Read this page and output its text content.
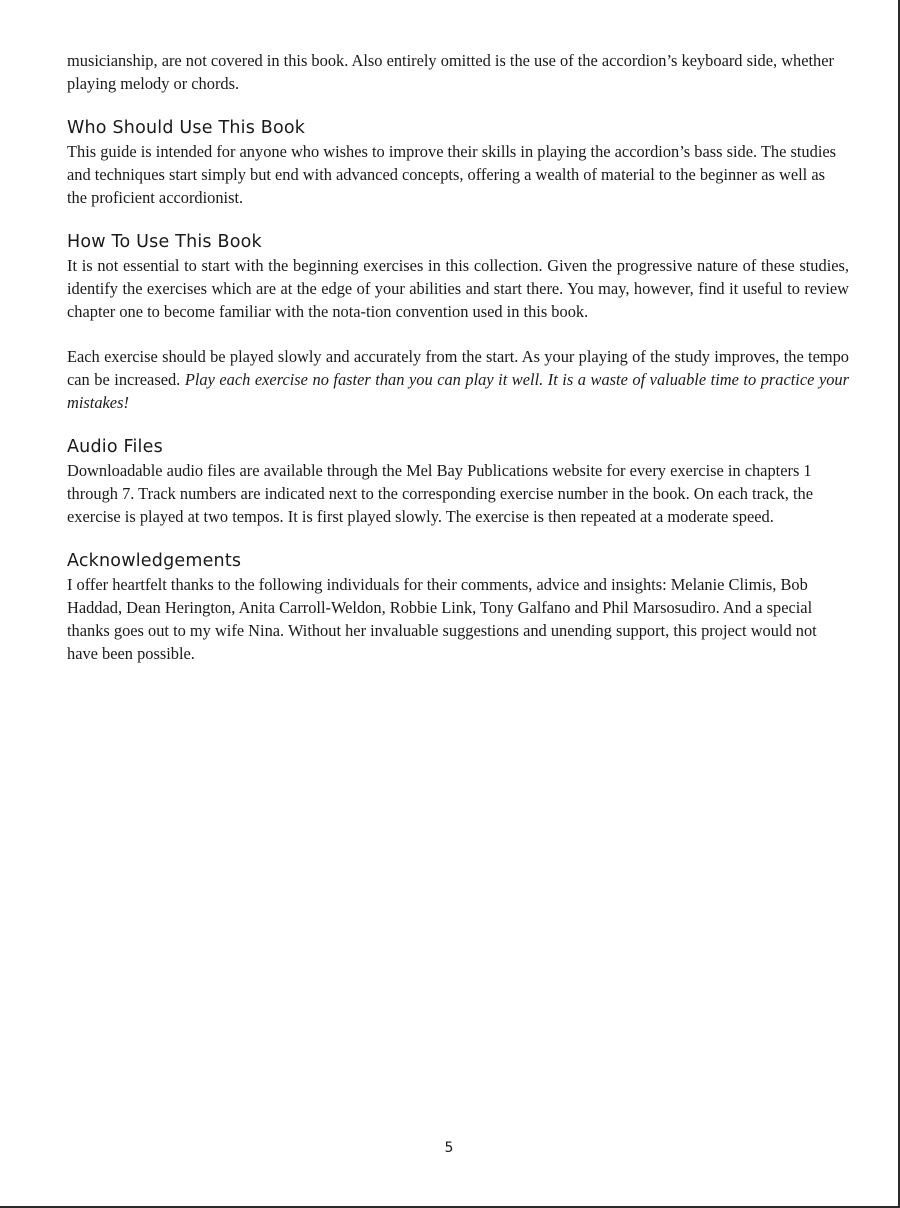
musicianship, are not covered in this book. Also entirely omitted is the use of the accordion’s keyboard side, whether playing melody or chords.

Who Should Use This Book

This guide is intended for anyone who wishes to improve their skills in playing the accordion’s bass side. The studies and techniques start simply but end with advanced concepts, offering a wealth of material to the beginner as well as the proficient accordionist.

How To Use This Book

It is not essential to start with the beginning exercises in this collection. Given the progressive nature of these studies, identify the exercises which are at the edge of your abilities and start there. You may, however, find it useful to review chapter one to become familiar with the nota-tion convention used in this book.

Each exercise should be played slowly and accurately from the start. As your playing of the study improves, the tempo can be increased. Play each exercise no faster than you can play it well. It is a waste of valuable time to practice your mistakes!

Audio Files

Downloadable audio files are available through the Mel Bay Publications website for every exercise in chapters 1 through 7. Track numbers are indicated next to the corresponding exercise number in the book. On each track, the exercise is played at two tempos. It is first played slowly. The exercise is then repeated at a moderate speed.

Acknowledgements

I offer heartfelt thanks to the following individuals for their comments, advice and insights: Melanie Climis, Bob Haddad, Dean Herington, Anita Carroll-Weldon, Robbie Link, Tony Galfano and Phil Marsosudiro. And a special thanks goes out to my wife Nina. Without her invaluable suggestions and unending support, this project would not have been possible.

5
